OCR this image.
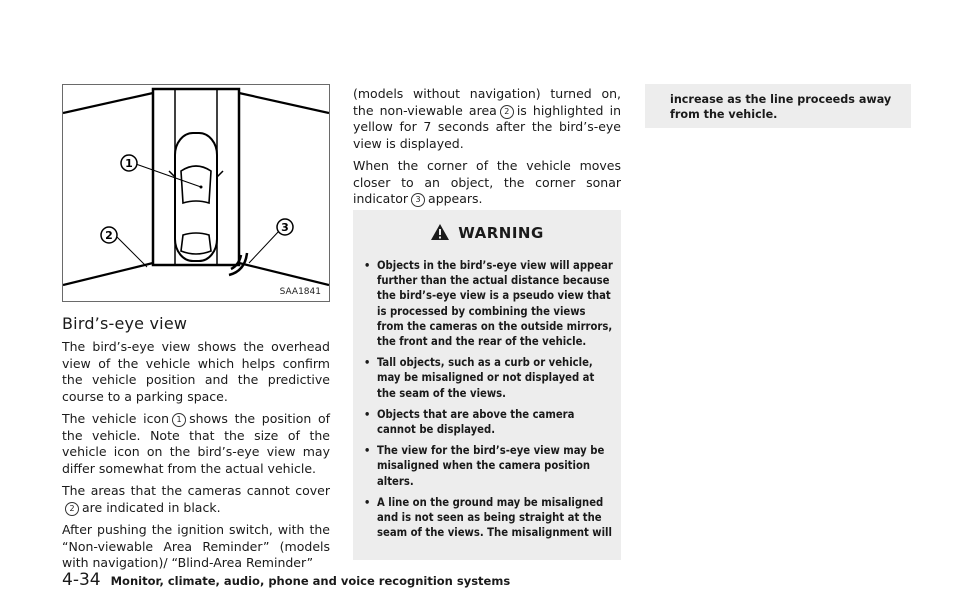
1
2
3
SAA1841
Bird’s-eye view

The bird’s-eye view shows the overhead view of the vehicle which helps confirm the vehicle position and the predictive course to a parking space.

The vehicle icon 1 shows the position of the vehicle. Note that the size of the vehicle icon on the bird’s-eye view may differ somewhat from the actual vehicle.

The areas that the cameras cannot cover2 are indicated in black.

After pushing the ignition switch, with the “Non-viewable Area Reminder” (models with navigation)/ “Blind-Area Reminder”

(models without navigation) turned on, the non-viewable area 2 is highlighted in yellow for 7 seconds after the bird’s-eye view is displayed.

When the corner of the vehicle moves closer to an object, the corner sonar indicator 3 appears.

WARNING
• Objects in the bird’s-eye view will appear further than the actual distance because the bird’s-eye view is a pseudo view that is processed by combining the views from the cameras on the outside mirrors, the front and the rear of the vehicle.
• Tall objects, such as a curb or vehicle, may be misaligned or not displayed at the seam of the views.
• Objects that are above the camera cannot be displayed.
• The view for the bird’s-eye view may be misaligned when the camera position alters.
• A line on the ground may be misaligned and is not seen as being straight at the seam of the views. The misalignment will

increase as the line proceeds away from the vehicle.

4-34 Monitor, climate, audio, phone and voice recognition systems
